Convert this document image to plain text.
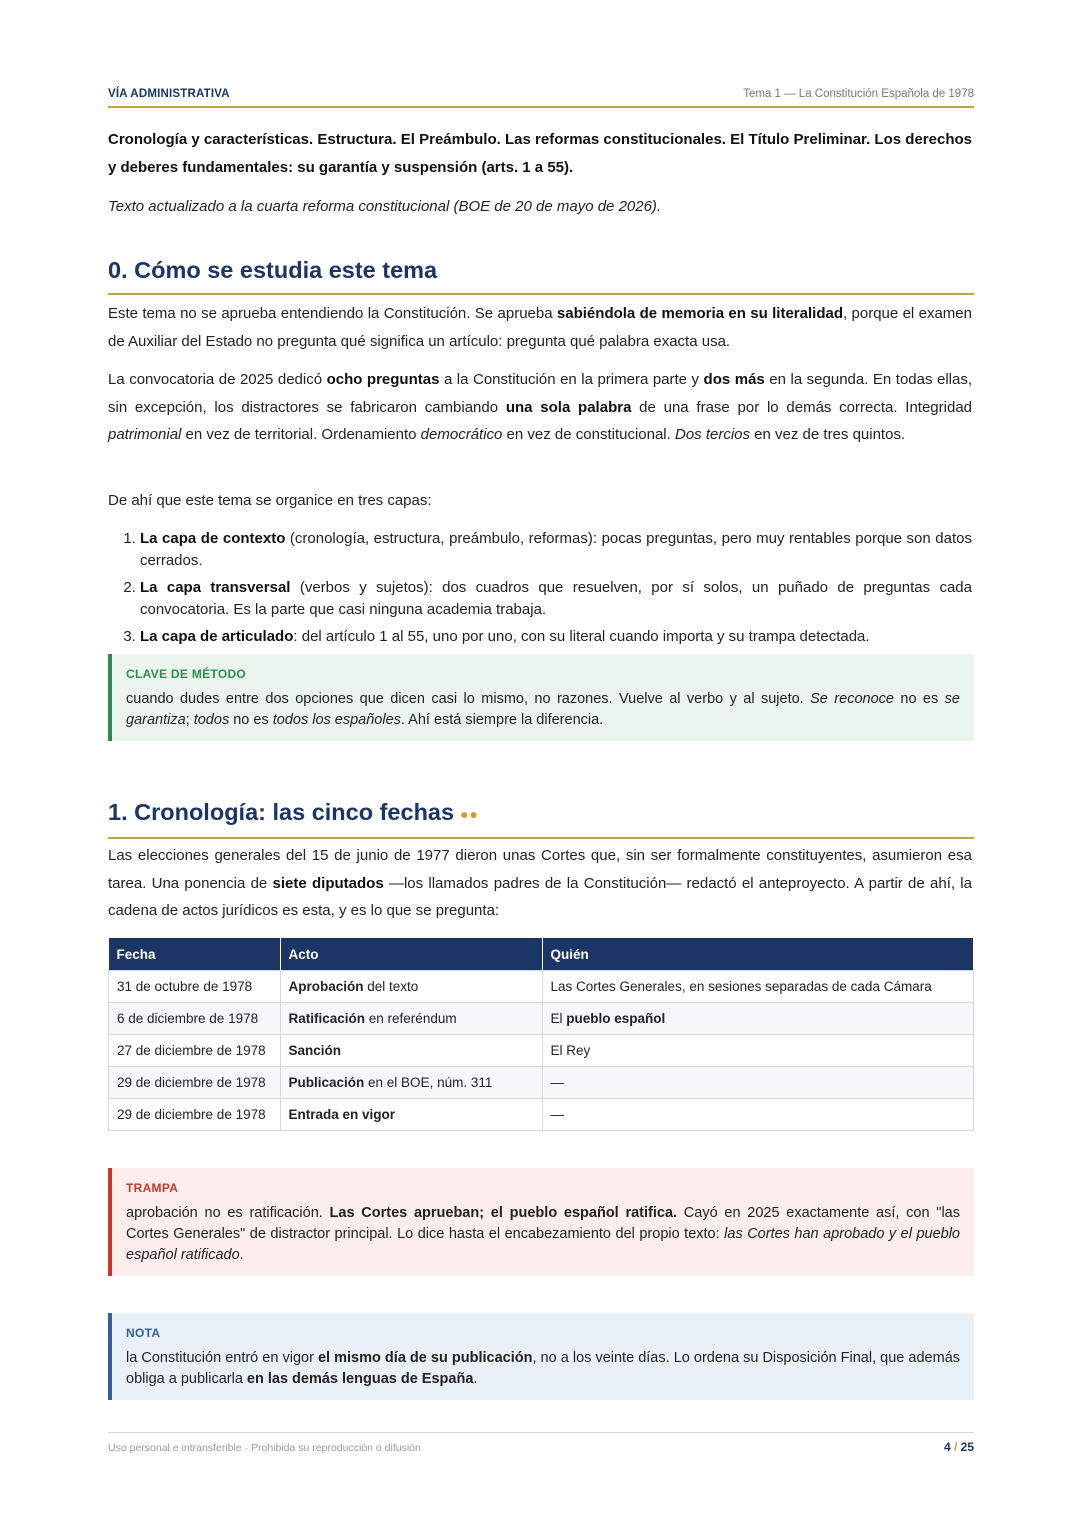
VÍA ADMINISTRATIVA	Tema 1 — La Constitución Española de 1978
Cronología y características. Estructura. El Preámbulo. Las reformas constitucionales. El Título Preliminar. Los derechos y deberes fundamentales: su garantía y suspensión (arts. 1 a 55).
Texto actualizado a la cuarta reforma constitucional (BOE de 20 de mayo de 2026).
0. Cómo se estudia este tema
Este tema no se aprueba entendiendo la Constitución. Se aprueba sabiéndola de memoria en su literalidad, porque el examen de Auxiliar del Estado no pregunta qué significa un artículo: pregunta qué palabra exacta usa.
La convocatoria de 2025 dedicó ocho preguntas a la Constitución en la primera parte y dos más en la segunda. En todas ellas, sin excepción, los distractores se fabricaron cambiando una sola palabra de una frase por lo demás correcta. Integridad patrimonial en vez de territorial. Ordenamiento democrático en vez de constitucional. Dos tercios en vez de tres quintos.
De ahí que este tema se organice en tres capas:
1. La capa de contexto (cronología, estructura, preámbulo, reformas): pocas preguntas, pero muy rentables porque son datos cerrados.
2. La capa transversal (verbos y sujetos): dos cuadros que resuelven, por sí solos, un puñado de preguntas cada convocatoria. Es la parte que casi ninguna academia trabaja.
3. La capa de articulado: del artículo 1 al 55, uno por uno, con su literal cuando importa y su trampa detectada.
CLAVE DE MÉTODO
cuando dudes entre dos opciones que dicen casi lo mismo, no razones. Vuelve al verbo y al sujeto. Se reconoce no es se garantiza; todos no es todos los españoles. Ahí está siempre la diferencia.
1. Cronología: las cinco fechas ●●
Las elecciones generales del 15 de junio de 1977 dieron unas Cortes que, sin ser formalmente constituyentes, asumieron esa tarea. Una ponencia de siete diputados —los llamados padres de la Constitución— redactó el anteproyecto. A partir de ahí, la cadena de actos jurídicos es esta, y es lo que se pregunta:
Fecha	Acto	Quién
31 de octubre de 1978	Aprobación del texto	Las Cortes Generales, en sesiones separadas de cada Cámara
6 de diciembre de 1978	Ratificación en referéndum	El pueblo español
27 de diciembre de 1978	Sanción	El Rey
29 de diciembre de 1978	Publicación en el BOE, núm. 311	—
29 de diciembre de 1978	Entrada en vigor	—
TRAMPA
aprobación no es ratificación. Las Cortes aprueban; el pueblo español ratifica. Cayó en 2025 exactamente así, con "las Cortes Generales" de distractor principal. Lo dice hasta el encabezamiento del propio texto: las Cortes han aprobado y el pueblo español ratificado.
NOTA
la Constitución entró en vigor el mismo día de su publicación, no a los veinte días. Lo ordena su Disposición Final, que además obliga a publicarla en las demás lenguas de España.
Uso personal e intransferible · Prohibida su reproducción o difusión	4 / 25
